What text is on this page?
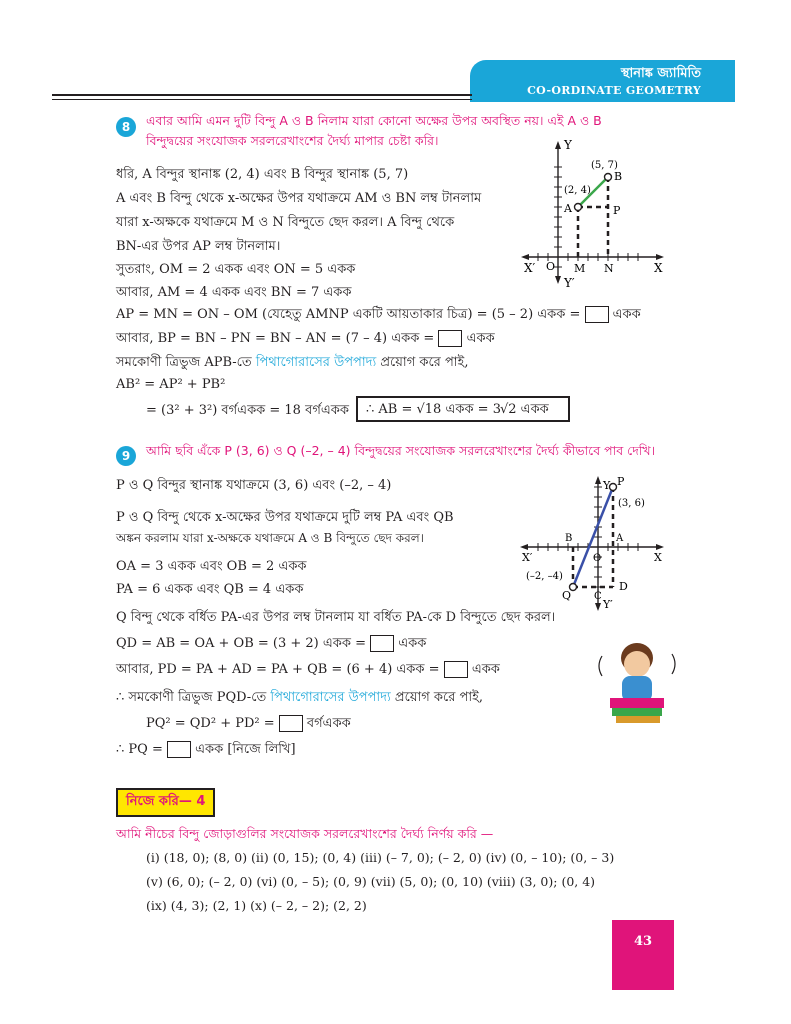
স্থানাঙ্ক জ্যামিতি
CO-ORDINATE GEOMETRY
8	এবার আমি এমন দুটি বিন্দু A ও B নিলাম যারা কোনো অক্ষের উপর অবস্থিত নয়। এই A ও B
বিন্দুদ্বয়ের সংযোজক সরলরেখাংশের দৈর্ঘ্য মাপার চেষ্টা করি।
ধরি, A বিন্দুর স্থানাঙ্ক (2, 4) এবং B বিন্দুর স্থানাঙ্ক (5, 7)
A এবং B বিন্দু থেকে x-অক্ষের উপর যথাক্রমে AM ও BN লম্ব টানলাম
যারা x-অক্ষকে যথাক্রমে M ও N বিন্দুতে ছেদ করল। A বিন্দু থেকে
BN-এর উপর AP লম্ব টানলাম।
সুতরাং, OM = 2 একক এবং ON = 5 একক
আবার, AM = 4 একক এবং BN = 7 একক
Y
Y′
X
X′ O
(5, 7)
B
(2, 4)
A	P
M N
AP = MN = ON – OM (যেহেতু AMNP একটি আয়তাকার চিত্র) = (5 – 2) একক = একক
আবার, BP = BN – PN = BN – AN = (7 – 4) একক = একক
সমকোণী ত্রিভুজ APB-তে পিথাগোরাসের উপপাদ্য প্রয়োগ করে পাই,
AB² = AP² + PB²
= (3² + 3²) বর্গএকক = 18 বর্গএকক ∴ AB = √18 একক = 3 √2 একক
9	আমি ছবি এঁকে P (3, 6) ও Q (–2, – 4) বিন্দুদ্বয়ের সংযোজক সরলরেখাংশের দৈর্ঘ্য কীভাবে পাব দেখি।
P ও Q বিন্দুর স্থানাঙ্ক যথাক্রমে (3, 6) এবং (–2, – 4)
P ও Q বিন্দু থেকে x-অক্ষের উপর যথাক্রমে দুটি লম্ব PA এবং QB
অঙ্কন করলাম যারা x-অক্ষকে যথাক্রমে A ও B বিন্দুতে ছেদ করল।
OA = 3 একক এবং OB = 2 একক
PA = 6 একক এবং QB = 4 একক
Q বিন্দু থেকে বর্ধিত PA-এর উপর লম্ব টানলাম যা বর্ধিত PA-কে D বিন্দুতে ছেদ করল।
Y
Y′
X
X′	O
P
(3, 6)
A
B
(–2, –4)
Q C
D
QD = AB = OA + OB = (3 + 2) একক = একক
আবার, PD = PA + AD = PA + QB = (6 + 4) একক = একক
∴ সমকোণী ত্রিভুজ PQD-তে পিথাগোরাসের উপপাদ্য প্রয়োগ করে পাই,
PQ² = QD² + PD² = বর্গএকক
∴ PQ = একক [নিজে লিখি]
নিজে করি— 4
আমি নীচের বিন্দু জোড়াগুলির সংযোজক সরলরেখাংশের দৈর্ঘ্য নির্ণয় করি —
(i) (18, 0); (8, 0) (ii) (0, 15); (0, 4) (iii) (– 7, 0); (– 2, 0) (iv) (0, – 10); (0, – 3)
(v) (6, 0); (– 2, 0) (vi) (0, – 5); (0, 9) (vii) (5, 0); (0, 10) (viii) (3, 0); (0, 4)
(ix) (4, 3); (2, 1) (x) (– 2, – 2); (2, 2)
43
